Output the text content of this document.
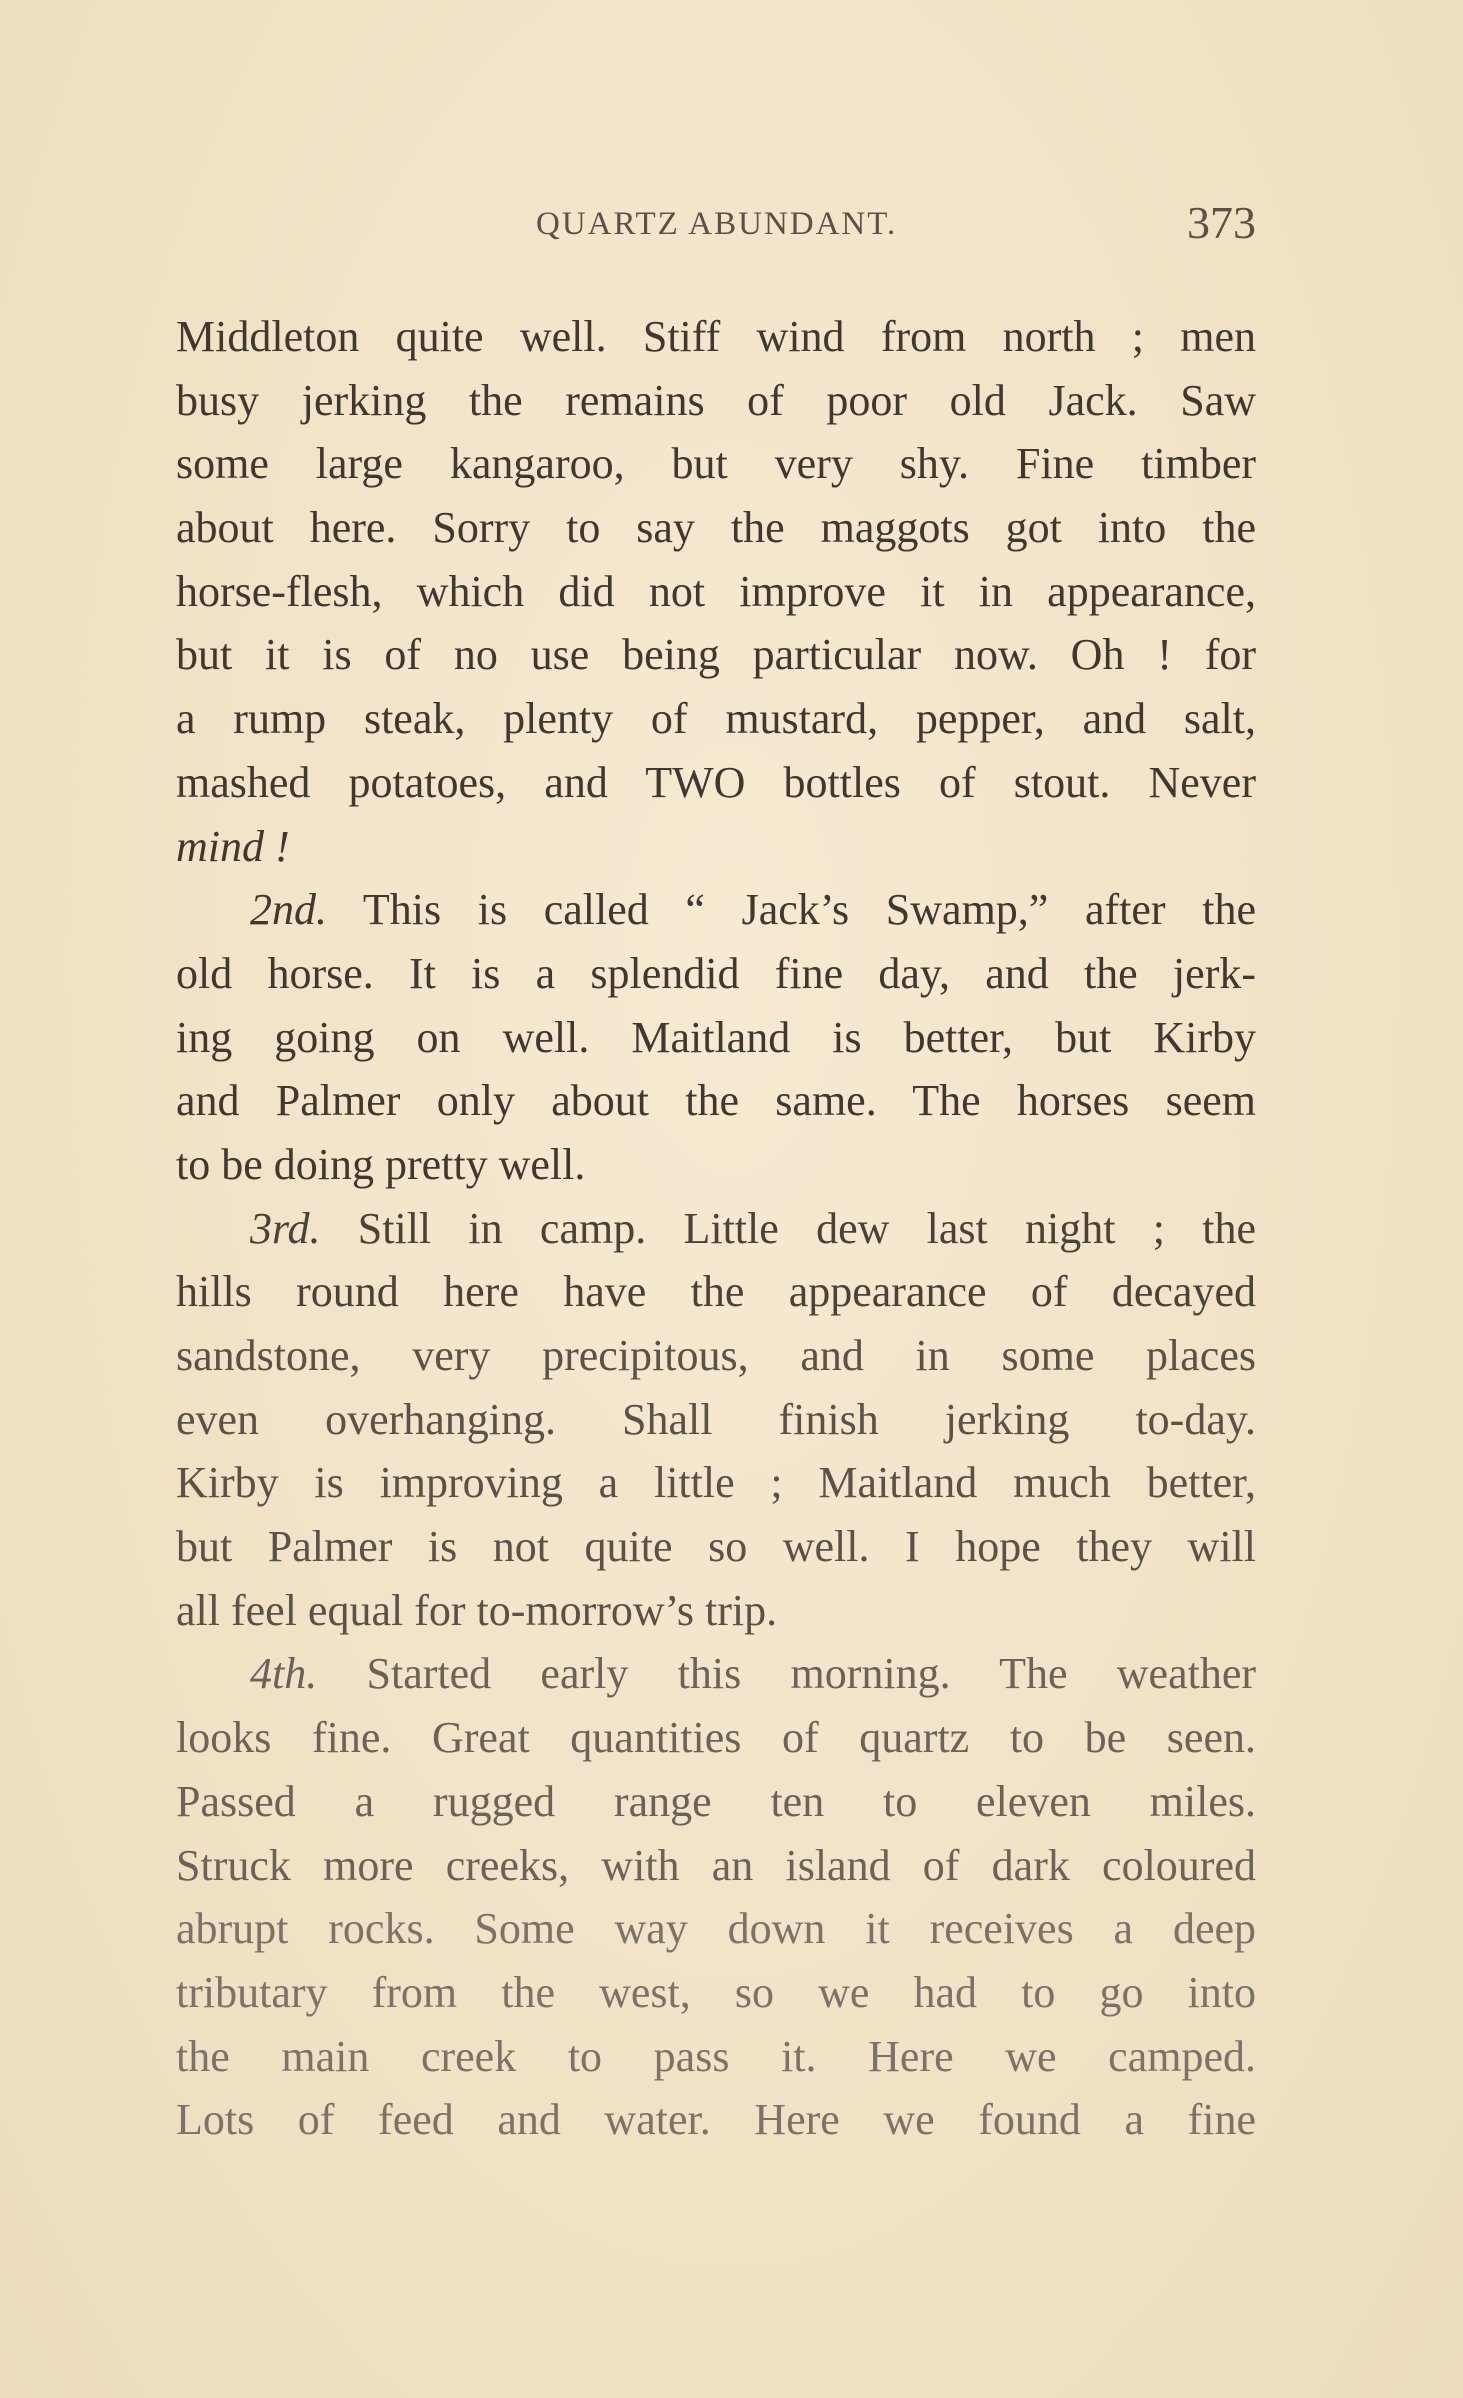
QUARTZ ABUNDANT.	373
Middleton quite well. Stiff wind from north ; men
busy jerking the remains of poor old Jack. Saw
some large kangaroo, but very shy. Fine timber
about here. Sorry to say the maggots got into the
horse-flesh, which did not improve it in appearance,
but it is of no use being particular now. Oh ! for
a rump steak, plenty of mustard, pepper, and salt,
mashed potatoes, and TWO bottles of stout. Never
mind !
2nd. This is called “ Jack’s Swamp,” after the
old horse. It is a splendid fine day, and the jerk-
ing going on well. Maitland is better, but Kirby
and Palmer only about the same. The horses seem
to be doing pretty well.
3rd. Still in camp. Little dew last night ; the
hills round here have the appearance of decayed
sandstone, very precipitous, and in some places
even overhanging. Shall finish jerking to-day.
Kirby is improving a little ; Maitland much better,
but Palmer is not quite so well. I hope they will
all feel equal for to-morrow’s trip.
4th. Started early this morning. The weather
looks fine. Great quantities of quartz to be seen.
Passed a rugged range ten to eleven miles.
Struck more creeks, with an island of dark coloured
abrupt rocks. Some way down it receives a deep
tributary from the west, so we had to go into
the main creek to pass it. Here we camped.
Lots of feed and water. Here we found a fine
